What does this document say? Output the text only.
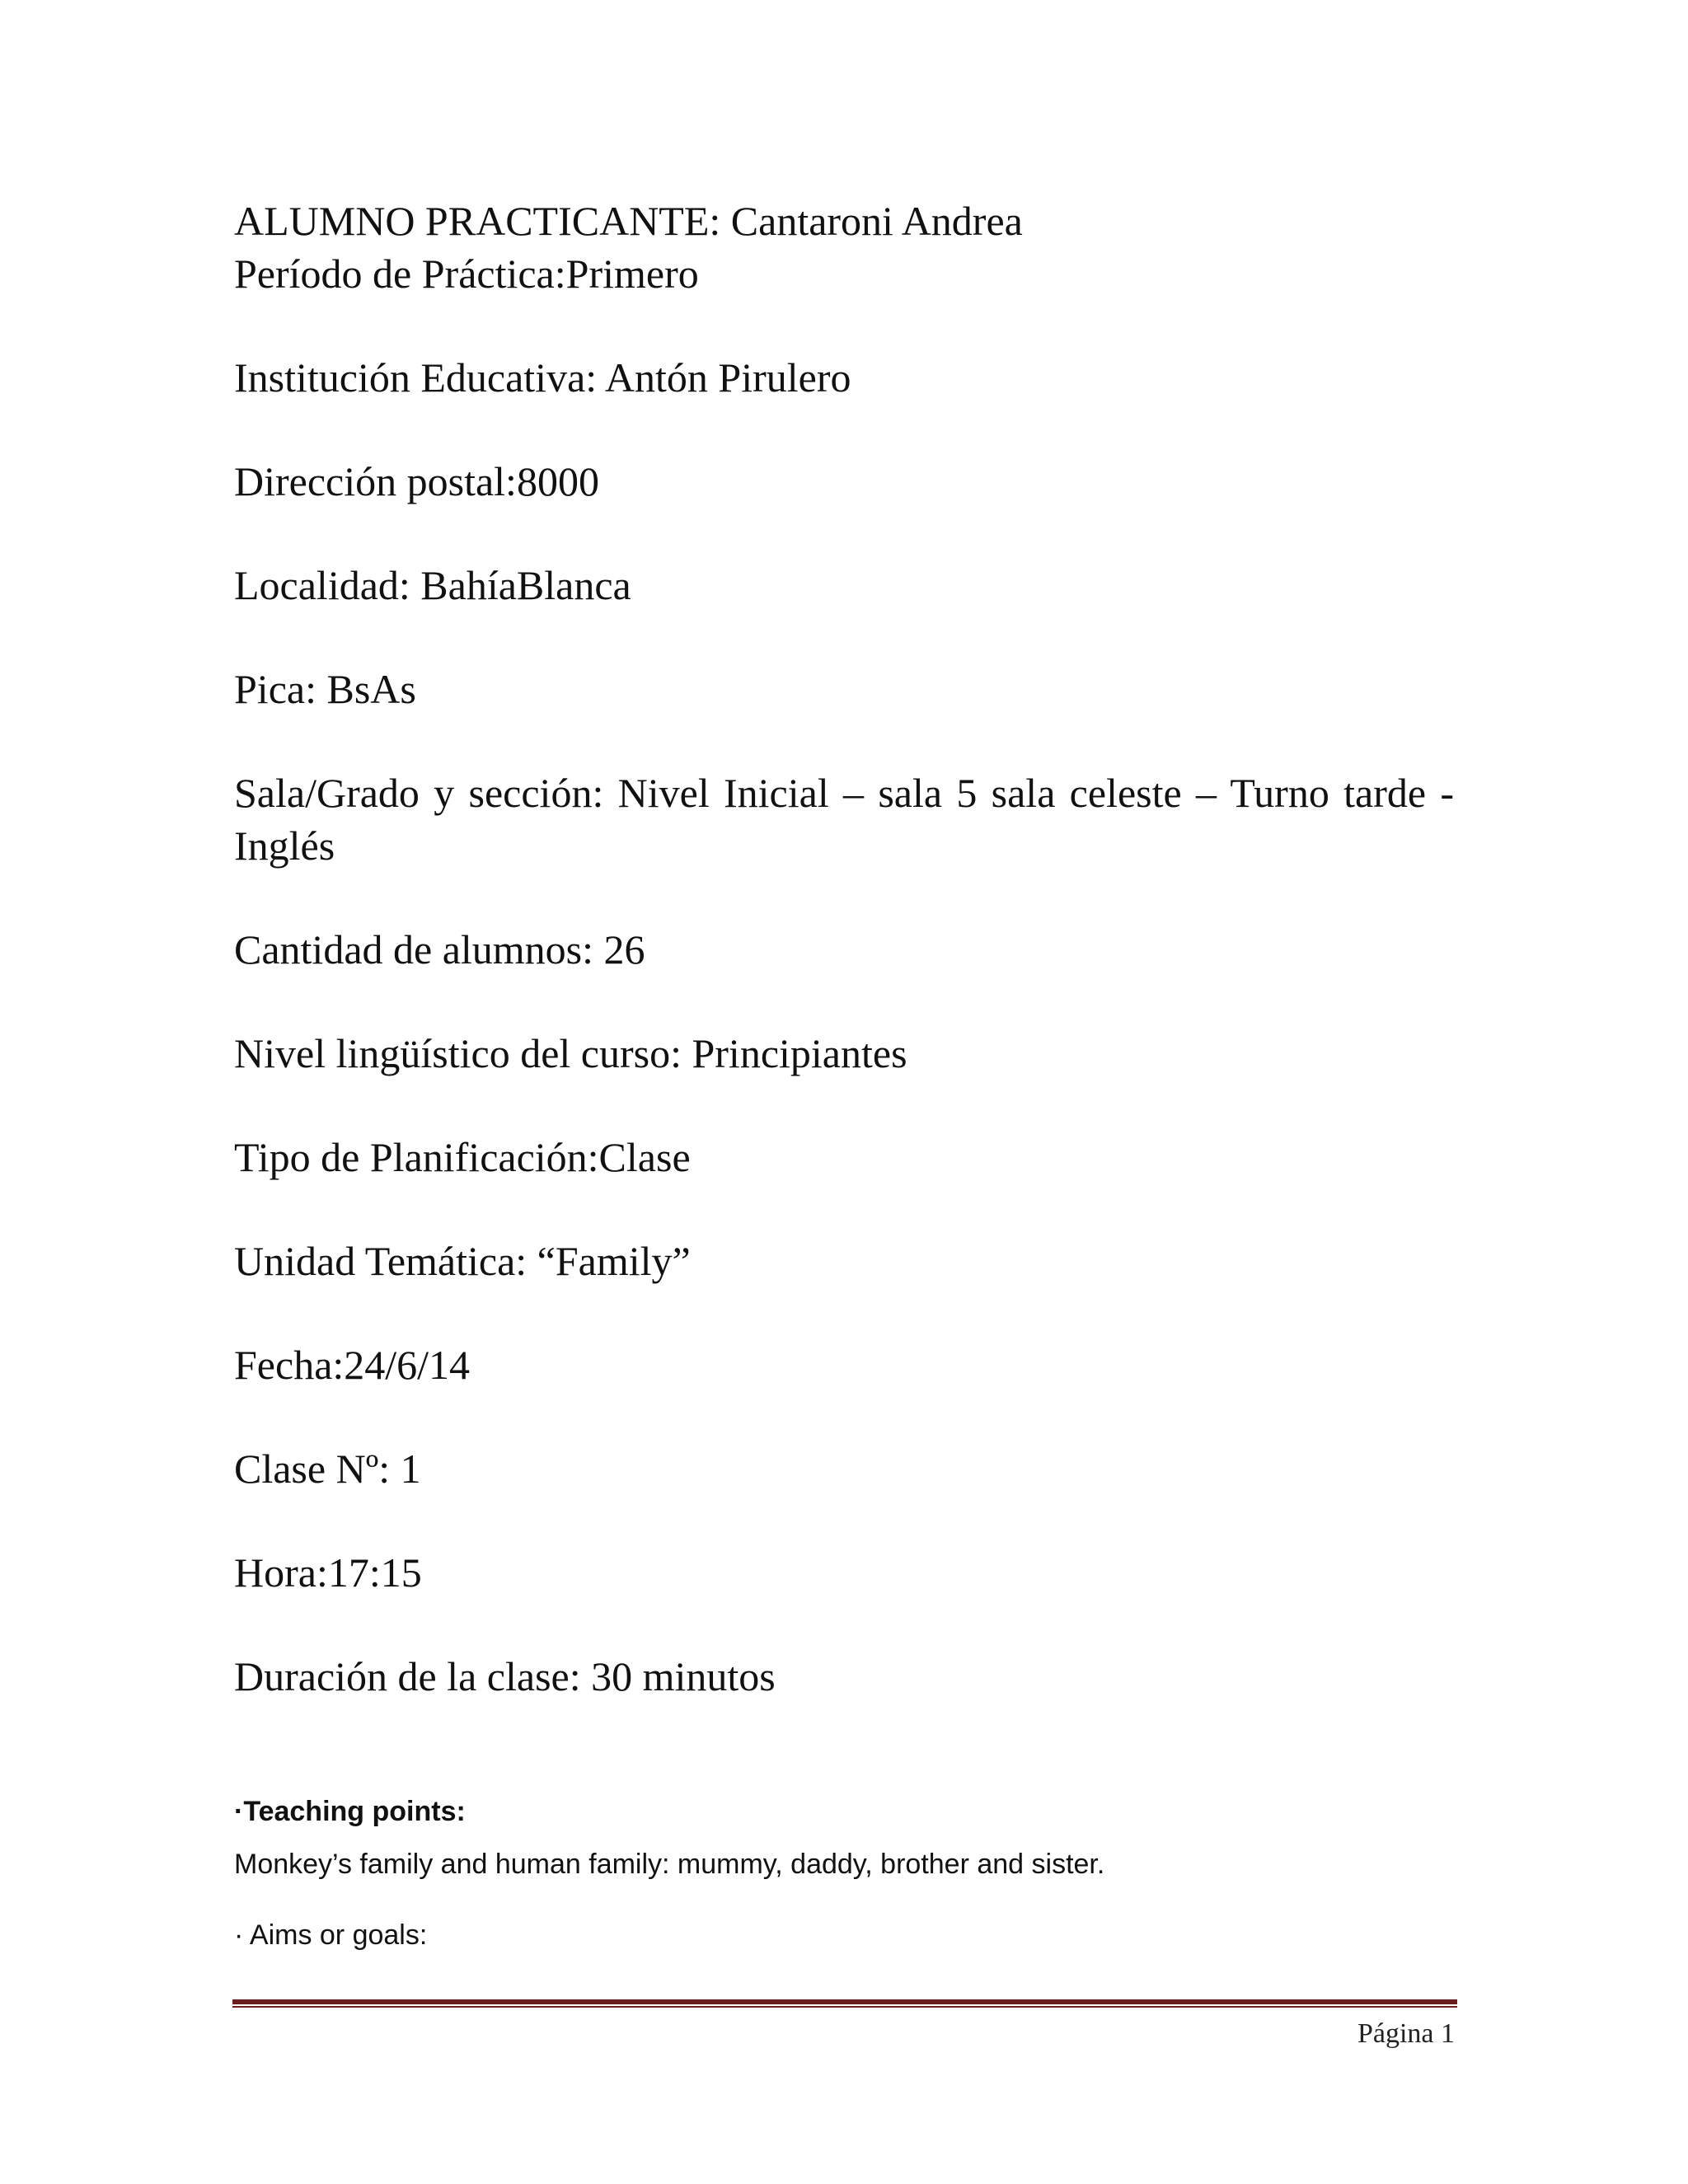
ALUMNO PRACTICANTE: Cantaroni Andrea

Período de Práctica:Primero

Institución Educativa: Antón Pirulero

Dirección postal:8000

Localidad: BahíaBlanca

Pica: BsAs

Sala/Grado y sección: Nivel Inicial – sala 5 sala celeste – Turno tarde - Inglés

Cantidad de alumnos: 26

Nivel lingüístico del curso: Principiantes

Tipo de Planificación:Clase

Unidad Temática: “Family”

Fecha:24/6/14

Clase Nº: 1

Hora:17:15

Duración de la clase: 30 minutos

·Teaching points:

Monkey’s family and human family: mummy, daddy, brother and sister.

· Aims or goals:

Página 1
